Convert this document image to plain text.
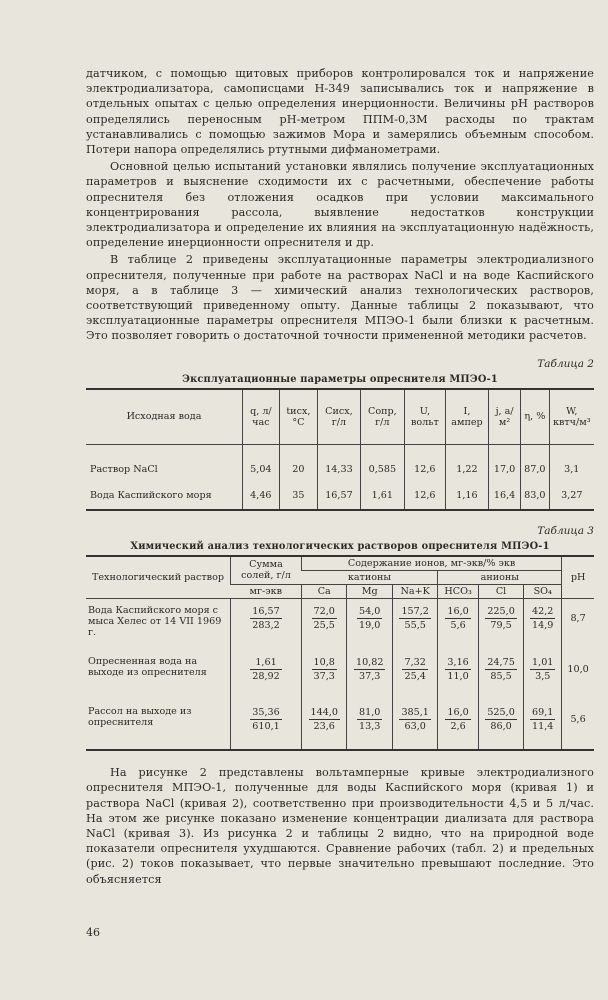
датчиком, с помощью щитовых приборов контролировался ток и напряжение электродиализатора, самописцами Н-349 записывались ток и напряжение в отдельных опытах с целью определения инерционности. Величины pH растворов определялись переносным pH-метром ППМ-0,3М расходы по трактам устанавливались с помощью зажимов Мора и замерялись объемным способом. Потери напора определялись ртутными дифманометрами.

Основной целью испытаний установки являлись получение эксплуатационных параметров и выяснение сходимости их с расчетными, обеспечение работы опреснителя без отложения осадков при условии максимального концентрирования рассола, выявление недостатков конструкции электродиализатора и определение их влияния на эксплуатационную надёжность, определение инерционности опреснителя и др.

В таблице 2 приведены эксплуатационные параметры электродиализного опреснителя, полученные при работе на растворах NaCl и на воде Каспийского моря, а в таблице 3 — химический анализ технологических растворов, соответствующий приведенному опыту. Данные таблицы 2 показывают, что эксплуатационные параметры опреснителя МПЭО-1 были близки к расчетным. Это позволяет говорить о достаточной точности примененной методики расчетов.

Таблица 2
Эксплуатационные параметры опреснителя МПЭО-1
Исходная вода	q, л/час	tисх, °C	Cисх, г/л	Cопр, г/л	U, вольт	I, ампер	j, а/м²	η, %	W, квтч/м³

Раствор NaCl	5,04	20	14,33	0,585	12,6	1,22	17,0	87,0	3,1
Вода Каспийского моря	4,46	35	16,57	1,61	12,6	1,16	16,4	83,0	3,27
Таблица 3
Химический анализ технологических растворов опреснителя МПЭО-1
Технологический раствор	Сумма солей, г/л	Содержание ионов, мг-экв/% экв						pH
		катионы			анионы			
	мг-экв	Ca	Mg	Na+K	HCO₃	Cl	SO₄	
Вода Каспийского моря с мыса Хелес от 14 VII 1969 г.	$\frac{16,57}{283,2}$	$\frac{72,0}{25,5}$	$\frac{54,0}{19,0}$	$\frac{157,2}{55,5}$	$\frac{16,0}{5,6}$	$\frac{225,0}{79,5}$	$\frac{42,2}{14,9}$	8,7
Опресненная вода на выходе из опреснителя	$\frac{1,61}{28,92}$	$\frac{10,8}{37,3}$	$\frac{10,82}{37,3}$	$\frac{7,32}{25,4}$	$\frac{3,16}{11,0}$	$\frac{24,75}{85,5}$	$\frac{1,01}{3,5}$	10,0
Рассол на выходе из опреснителя	$\frac{35,36}{610,1}$	$\frac{144,0}{23,6}$	$\frac{81,0}{13,3}$	$\frac{385,1}{63,0}$	$\frac{16,0}{2,6}$	$\frac{525,0}{86,0}$	$\frac{69,1}{11,4}$	5,6

На рисунке 2 представлены вольтамперные кривые электродиализного опреснителя МПЭО-1, полученные для воды Каспийского моря (кривая 1) и раствора NaCl (кривая 2), соответственно при производительности 4,5 и 5 л/час. На этом же рисунке показано изменение концентрации диализата для раствора NaCl (кривая 3). Из рисунка 2 и таблицы 2 видно, что на природной воде показатели опреснителя ухудшаются. Сравнение рабочих (табл. 2) и предельных (рис. 2) токов показывает, что первые значительно превышают последние. Это объясняется

46
